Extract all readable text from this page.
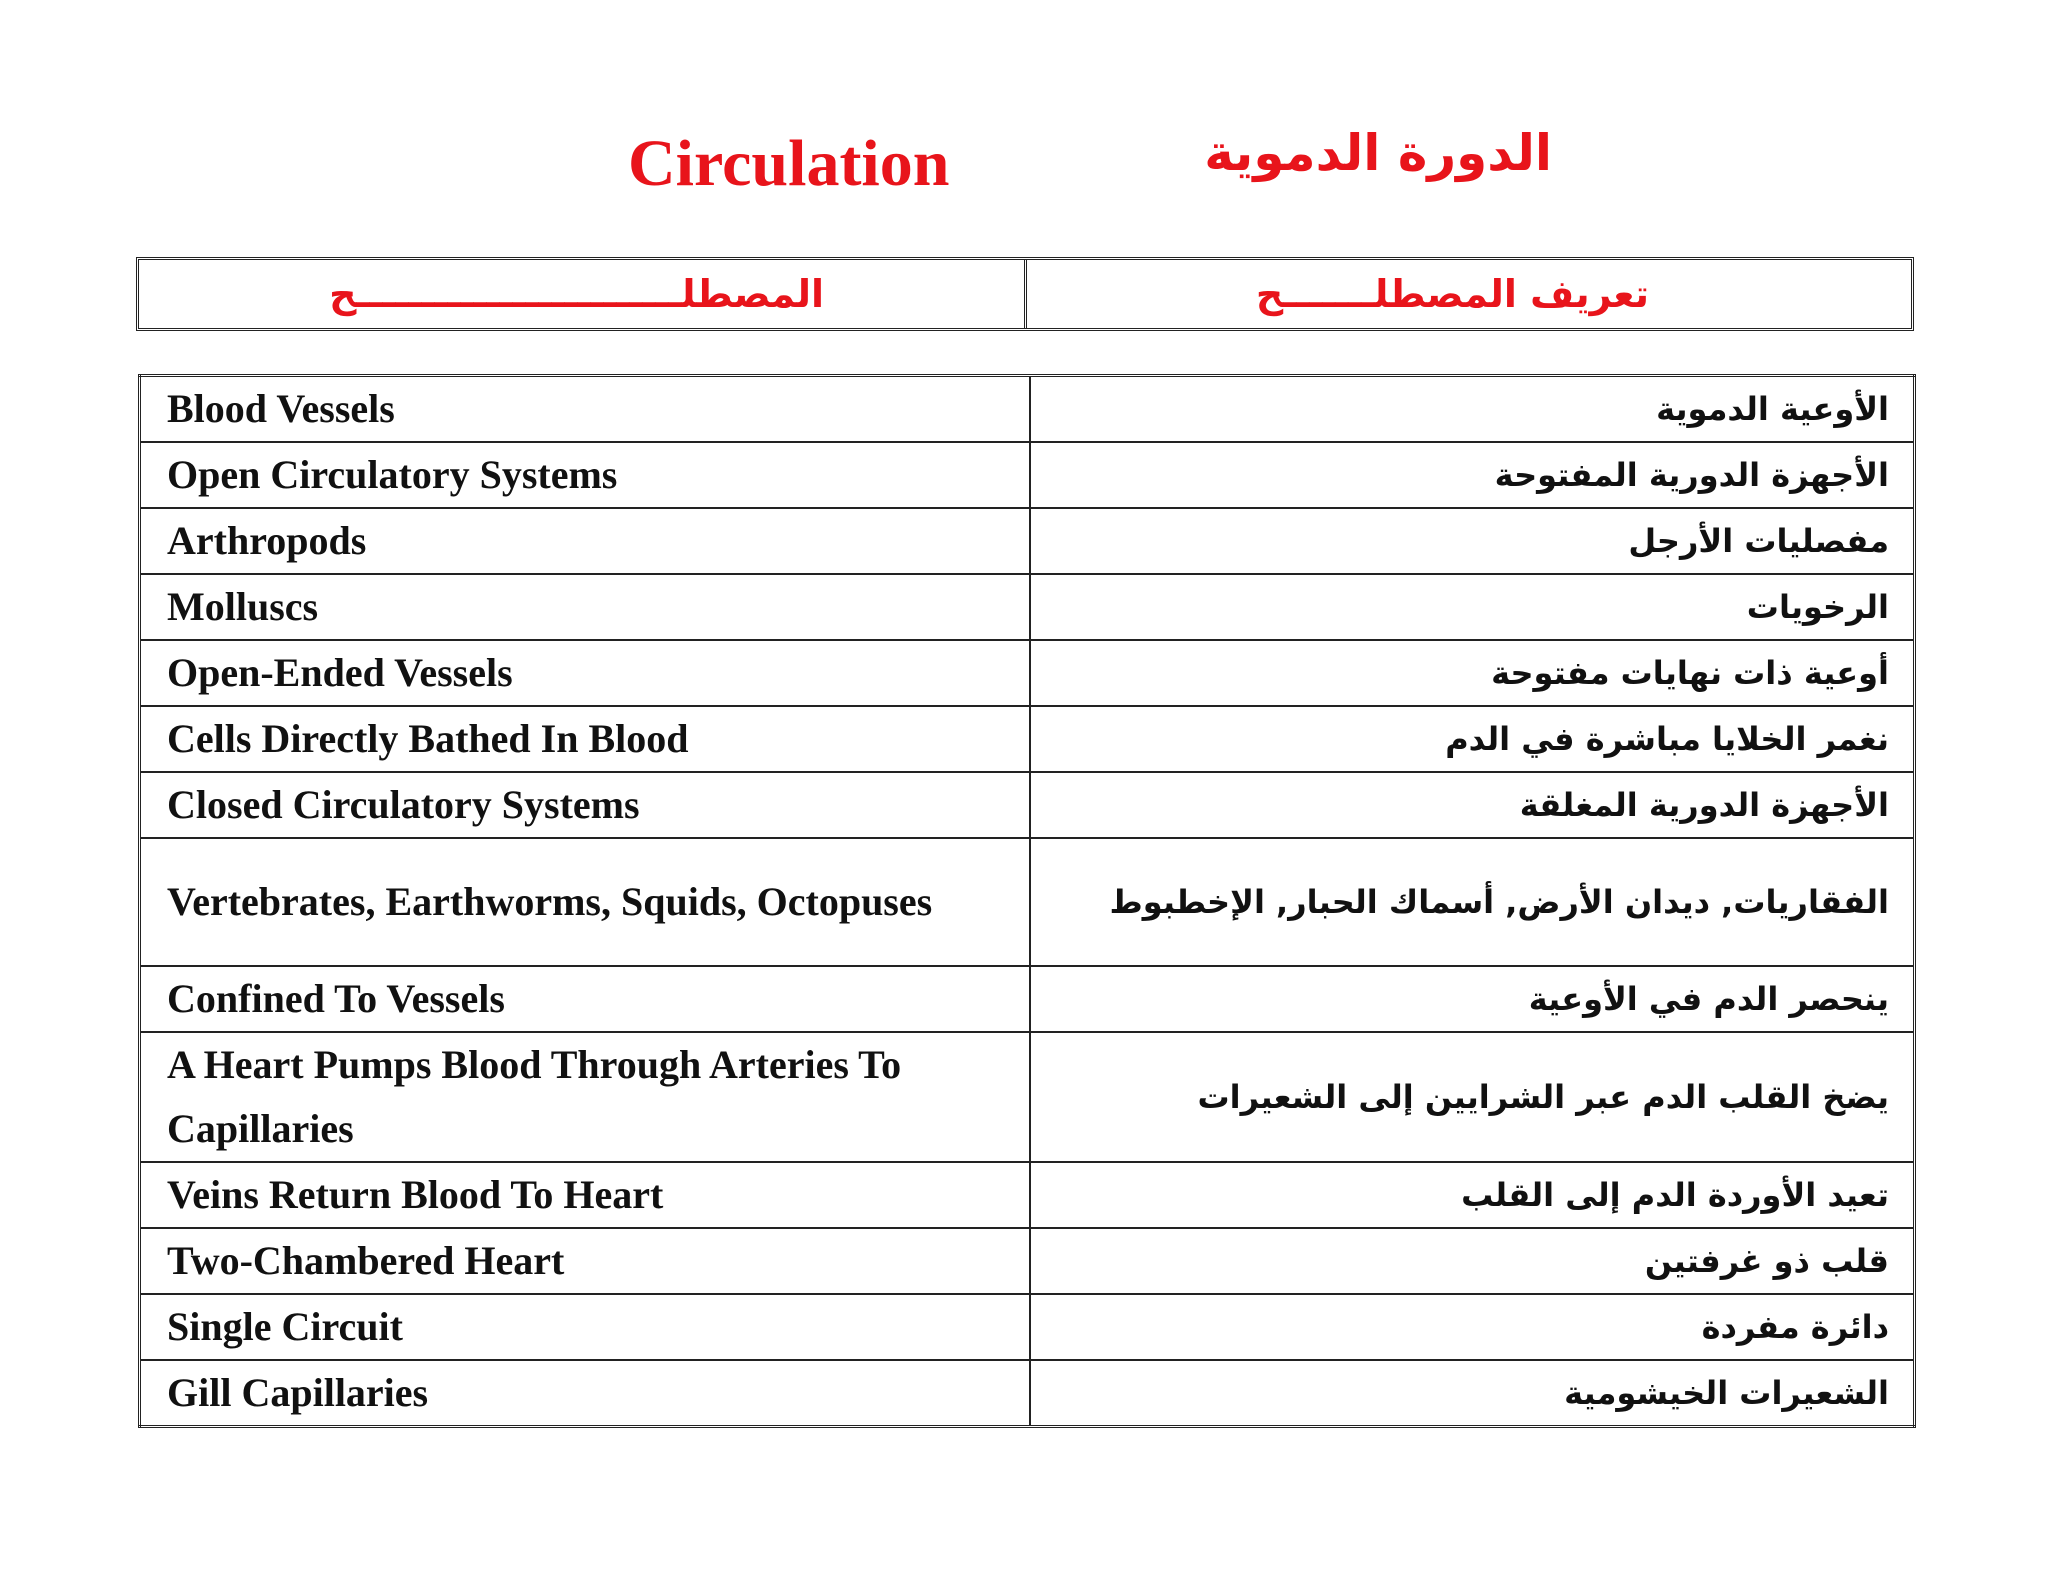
Circulation	الدورة الدموية
المصطلـــــــــــــــــــــــــح	تعريف المصطلـــــــح
Blood Vessels	الأوعية الدموية
Open Circulatory Systems	الأجهزة الدورية المفتوحة
Arthropods	مفصليات الأرجل
Molluscs	الرخويات
Open-Ended Vessels	أوعية ذات نهايات مفتوحة
Cells Directly Bathed In Blood	نغمر الخلايا مباشرة في الدم
Closed Circulatory Systems	الأجهزة الدورية المغلقة
Vertebrates, Earthworms, Squids, Octopuses	الفقاريات, ديدان الأرض, أسماك الحبار, الإخطبوط
Confined To Vessels	ينحصر الدم في الأوعية
A Heart Pumps Blood Through Arteries To Capillaries	يضخ القلب الدم عبر الشرايين إلى الشعيرات
Veins Return Blood To Heart	تعيد الأوردة الدم إلى القلب
Two-Chambered Heart	قلب ذو غرفتين
Single Circuit	دائرة مفردة
Gill Capillaries	الشعيرات الخيشومية
